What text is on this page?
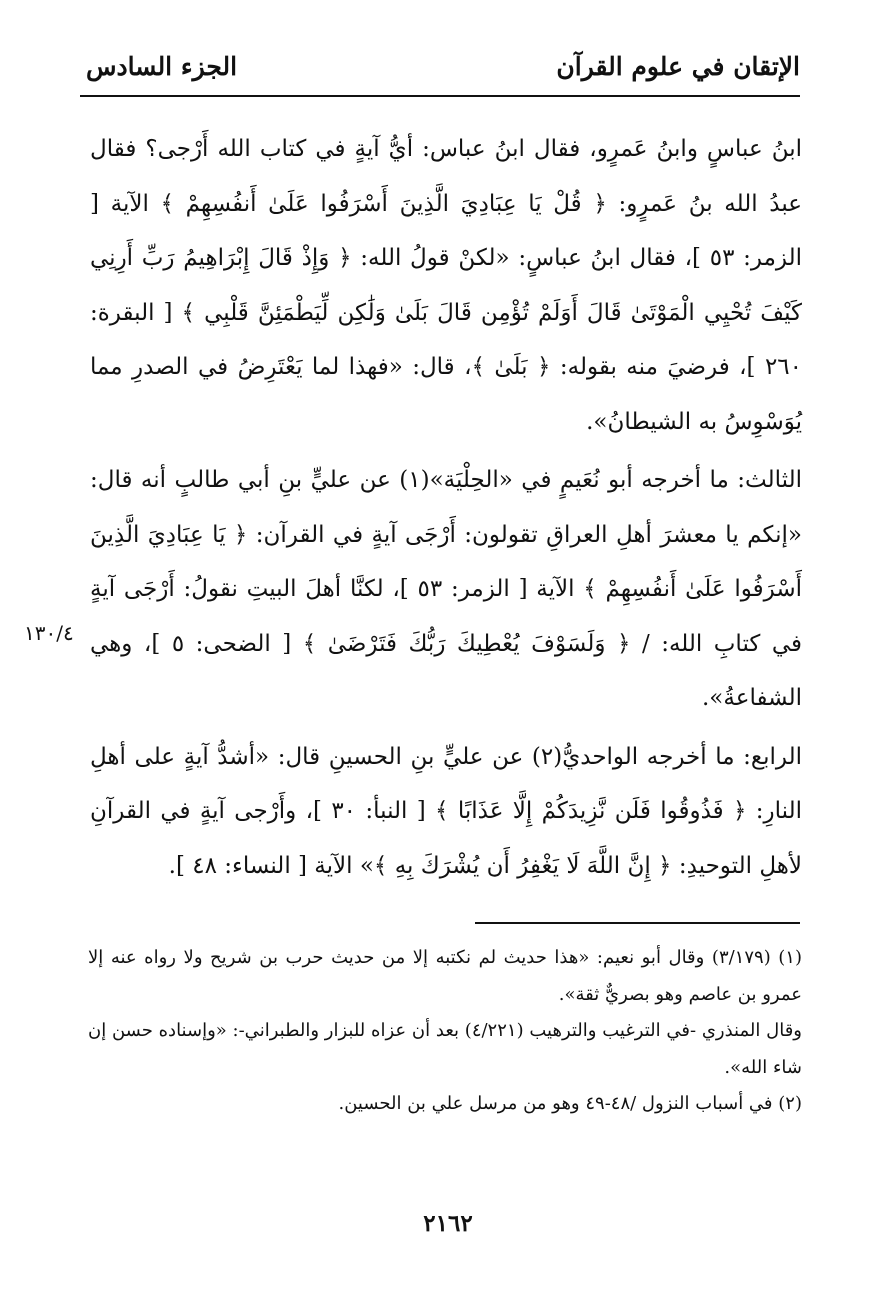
الإتقان في علوم القرآن
الجزء السادس

ابنُ عباسٍ وابنُ عَمرٍو، فقال ابنُ عباس: أيُّ آيةٍ في كتاب الله أَرْجى؟ فقال عبدُ الله بنُ عَمرٍو: ﴿ قُلْ يَا عِبَادِيَ الَّذِينَ أَسْرَفُوا عَلَىٰ أَنفُسِهِمْ ﴾ الآية [ الزمر: ٥٣ ]، فقال ابنُ عباسٍ: «لكنْ قولُ الله: ﴿ وَإِذْ قَالَ إِبْرَاهِيمُ رَبِّ أَرِنِي كَيْفَ تُحْيِي الْمَوْتَىٰ قَالَ أَوَلَمْ تُؤْمِن قَالَ بَلَىٰ وَلَٰكِن لِّيَطْمَئِنَّ قَلْبِي ﴾ [ البقرة: ٢٦٠ ]، فرضيَ منه بقوله: ﴿ بَلَىٰ ﴾، قال: «فهذا لما يَعْتَرِضُ في الصدرِ مما يُوَسْوِسُ به الشيطانُ».

الثالث: ما أخرجه أبو نُعَيمٍ في «الحِلْيَة»(١) عن عليٍّ بنِ أبي طالبٍ أنه قال: «إنكم يا معشرَ أهلِ العراقِ تقولون: أَرْجَى آيةٍ في القرآن: ﴿ يَا عِبَادِيَ الَّذِينَ أَسْرَفُوا عَلَىٰ أَنفُسِهِمْ ﴾ الآية [ الزمر: ٥٣ ]، لكنَّا أهلَ البيتِ نقولُ: أَرْجَى آيةٍ في كتابِ الله: / ﴿ وَلَسَوْفَ يُعْطِيكَ رَبُّكَ فَتَرْضَىٰ ﴾ [ الضحى: ٥ ]، وهي الشفاعةُ».

الرابع: ما أخرجه الواحديُّ(٢) عن عليٍّ بنِ الحسينِ قال: «أشدُّ آيةٍ على أهلِ النارِ: ﴿ فَذُوقُوا فَلَن نَّزِيدَكُمْ إِلَّا عَذَابًا ﴾ [ النبأ: ٣٠ ]، وأَرْجى آيةٍ في القرآنِ لأهلِ التوحيدِ: ﴿ إِنَّ اللَّهَ لَا يَغْفِرُ أَن يُشْرَكَ بِهِ ﴾» الآية [ النساء: ٤٨ ].

١٣٠/٤

(١) (٣/١٧٩) وقال أبو نعيم: «هذا حديث لم نكتبه إلا من حديث حرب بن شريح ولا رواه عنه إلا عمرو بن عاصم وهو بصريٌّ ثقة».

وقال المنذري -في الترغيب والترهيب (٤/٢٢١) بعد أن عزاه للبزار والطبراني-: «وإسناده حسن إن شاء الله».

(٢) في أسباب النزول /٤٨-٤٩ وهو من مرسل علي بن الحسين.

٢١٦٢
